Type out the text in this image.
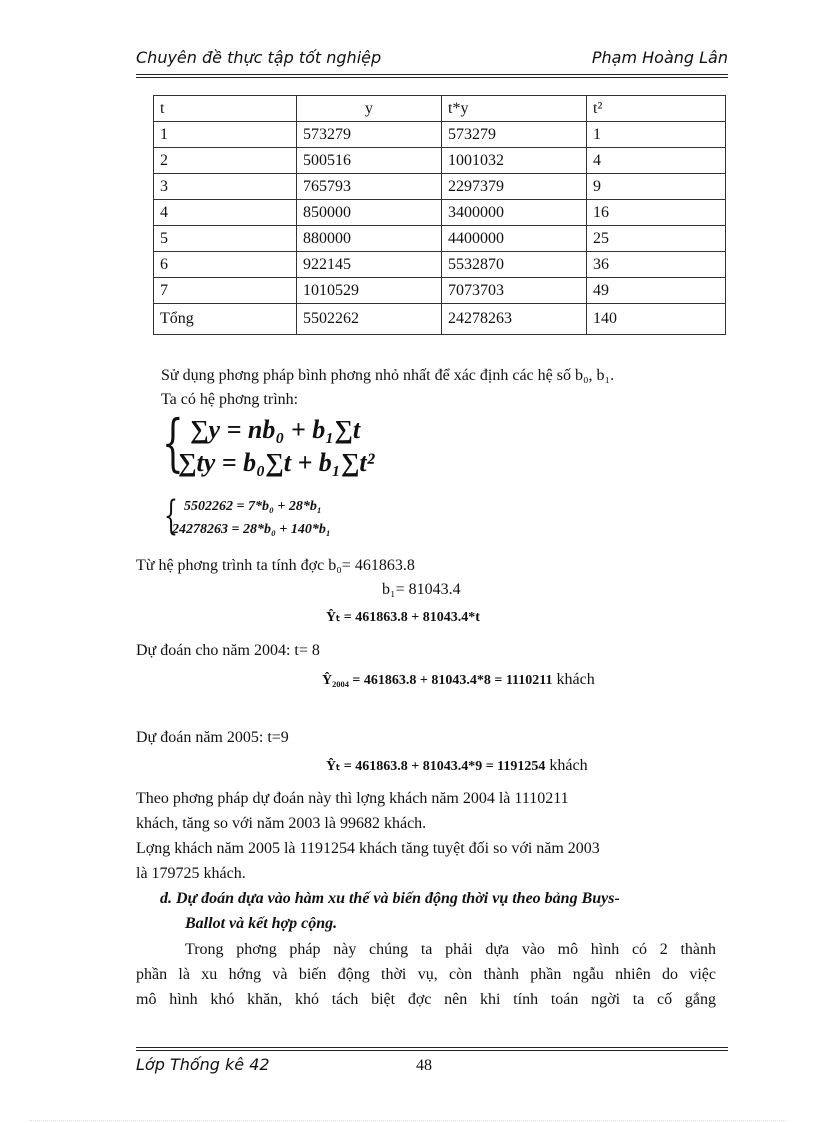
Chuyên đề thực tập tốt nghiệp	Phạm Hoàng Lân
t	y	t*y	t²
1	573279	573279	1
2	500516	1001032	4
3	765793	2297379	9
4	850000	3400000	16
5	880000	4400000	25
6	922145	5532870	36
7	1010529	7073703	49
Tổng	5502262	24278263	140
Sử dụng phơng pháp bình phơng nhỏ nhất để xác định các hệ số b₀, b₁.
Ta có hệ phơng trình:
{ ∑y = nb₀ + b₁∑t
∑ty = b₀∑t + b₁∑t²
{ 5502262 = 7*b₀ + 28*b₁
24278263 = 28*b₀ + 140*b₁
Từ hệ phơng trình ta tính đợc b₀= 461863.8
b₁= 81043.4
Ŷₜ = 461863.8 + 81043.4*t
Dự đoán cho năm 2004: t= 8
Ŷ₂₀₀₄ = 461863.8 + 81043.4*8 = 1110211 khách
Dự đoán năm 2005: t=9
Ŷₜ = 461863.8 + 81043.4*9 = 1191254 khách
Theo phơng pháp dự đoán này thì lợng khách năm 2004 là 1110211
khách, tăng so với năm 2003 là 99682 khách.
Lợng khách năm 2005 là 1191254 khách tăng tuyệt đối so với năm 2003
là 179725 khách.
d. Dự đoán dựa vào hàm xu thế và biến động thời vụ theo bảng Buys-
Ballot và kết hợp cộng.
Trong phơng pháp này chúng ta phải dựa vào mô hình có 2 thành
phần là xu hớng và biến động thời vụ, còn thành phần ngẫu nhiên do việc
mô hình khó khăn, khó tách biệt đợc nên khi tính toán ngời ta cố gắng
Lớp Thống kê 42	48
